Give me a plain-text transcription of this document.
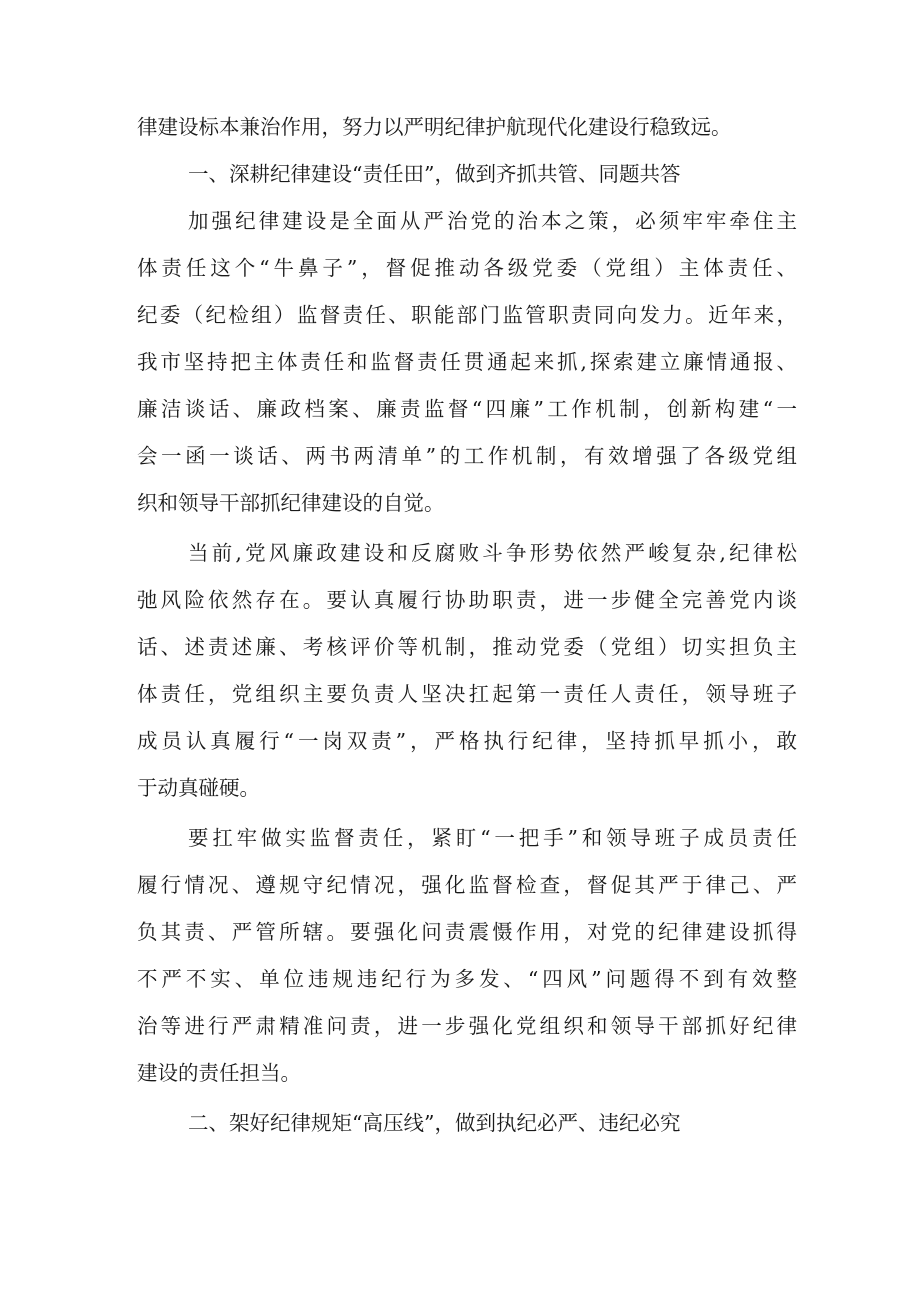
律建设标本兼治作用，努力以严明纪律护航现代化建设行稳致远。
一、深耕纪律建设“责任田”，做到齐抓共管、同题共答
加强纪律建设是全面从严治党的治本之策，必须牢牢牵住主
体责任这个“牛鼻子”，督促推动各级党委（党组）主体责任、
纪委（纪检组）监督责任、职能部门监管职责同向发力。近年来，
我市坚持把主体责任和监督责任贯通起来抓,探索建立廉情通报、
廉洁谈话、廉政档案、廉责监督“四廉”工作机制，创新构建“一
会一函一谈话、两书两清单”的工作机制，有效增强了各级党组
织和领导干部抓纪律建设的自觉。
当前,党风廉政建设和反腐败斗争形势依然严峻复杂,纪律松
弛风险依然存在。要认真履行协助职责，进一步健全完善党内谈
话、述责述廉、考核评价等机制，推动党委（党组）切实担负主
体责任，党组织主要负责人坚决扛起第一责任人责任，领导班子
成员认真履行“一岗双责”，严格执行纪律，坚持抓早抓小，敢
于动真碰硬。
要扛牢做实监督责任，紧盯“一把手”和领导班子成员责任
履行情况、遵规守纪情况，强化监督检查，督促其严于律己、严
负其责、严管所辖。要强化问责震慑作用，对党的纪律建设抓得
不严不实、单位违规违纪行为多发、“四风”问题得不到有效整
治等进行严肃精准问责，进一步强化党组织和领导干部抓好纪律
建设的责任担当。
二、架好纪律规矩“高压线”，做到执纪必严、违纪必究
